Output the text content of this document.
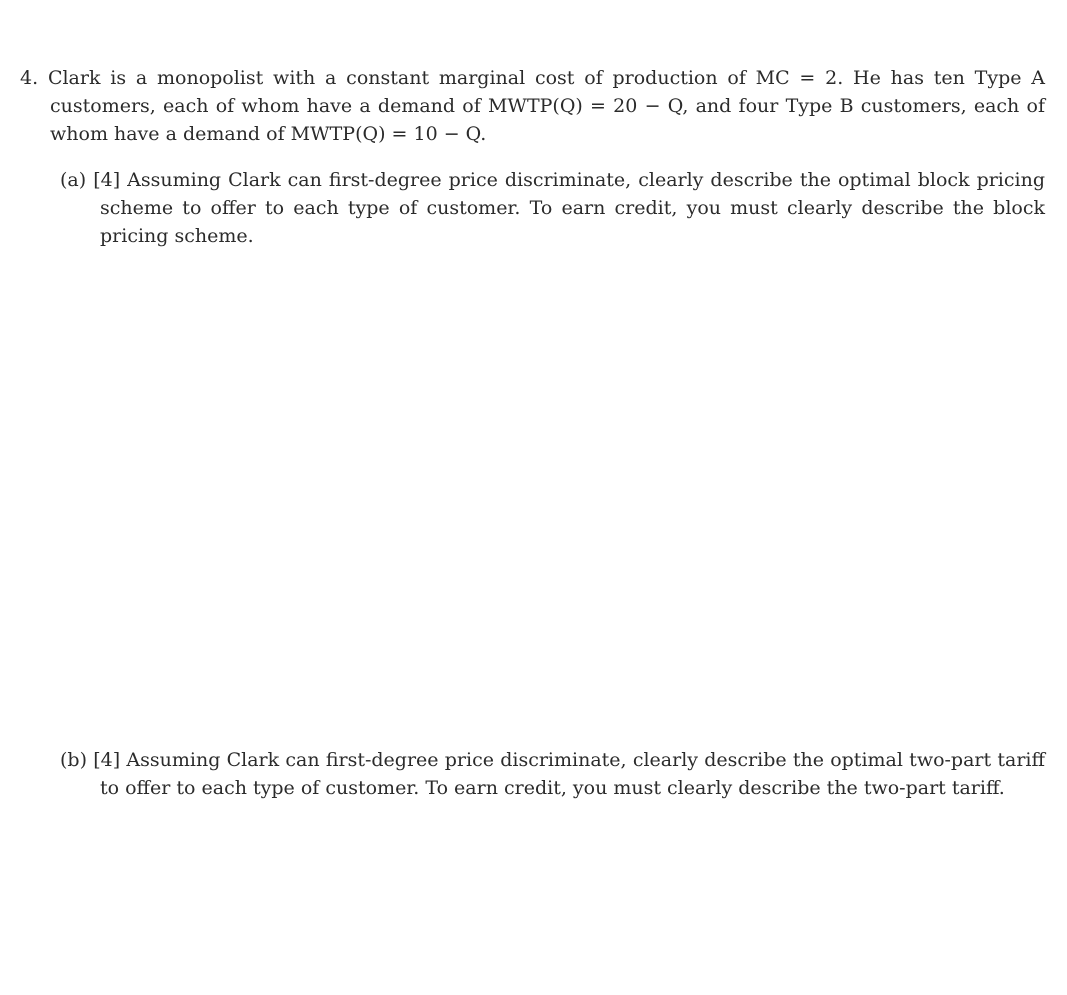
4. Clark is a monopolist with a constant marginal cost of production of MC = 2. He has ten Type A customers, each of whom have a demand of MWTP(Q) = 20 − Q, and four Type B customers, each of whom have a demand of MWTP(Q) = 10 − Q.

(a) [4] Assuming Clark can first-degree price discriminate, clearly describe the optimal block pricing scheme to offer to each type of customer. To earn credit, you must clearly describe the block pricing scheme.

(b) [4] Assuming Clark can first-degree price discriminate, clearly describe the optimal two-part tariff to offer to each type of customer. To earn credit, you must clearly describe the two-part tariff.
